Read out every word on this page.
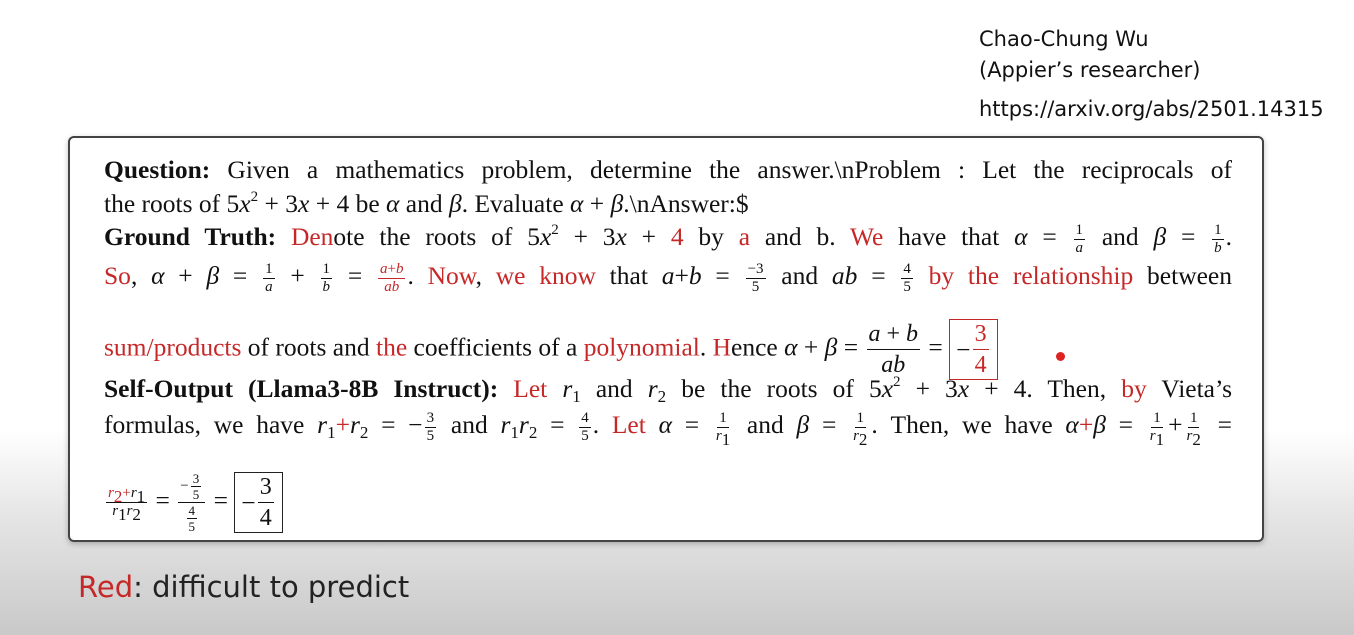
Chao-Chung Wu
(Appier’s researcher)
https://arxiv.org/abs/2501.14315
Question: Given a mathematics problem, determine the answer.\nProblem : Let the reciprocals of
the roots of $5x^2 + 3x + 4$ be α and β. Evaluate α + β.\nAnswer:$
Ground Truth: Denote the roots of $5x^2 + 3x + 4$ by a and b. We have that $\alpha = \frac{1}{a}$ and $\beta = \frac{1}{b}$ .
So, $\alpha + \beta = \frac{1}{a} + \frac{1}{b} = \frac{a+b}{ab}$ . Now, we know that $a+b = \frac{-3}{5}$ and ab = $\frac{4}{5}$ by the relationship between
sum/products of roots and the coefficients of a polynomial. Hence $\alpha + \beta = \frac{a + b}{ab}$ = −
3
4
Self-Output (Llama3-8B Instruct): Let $r_1$ and $r_2$ be the roots of $5x^2 + 3x + 4$. Then, by Vieta’s
formulas, we have $r_1+r_2$ = − $\frac{3}{5}$ and $r_1r_2 = \frac{4}{5}$ . Let $\alpha = \frac{1}{r_1}$ and $\beta = \frac{1}{r_2}$ . Then, we have $\alpha+\beta = \frac{1}{r_1} + \frac{1}{r_2}$ =
$\frac{r_2+r_1}{r_1r_2} = \frac{- \frac{3}{5}}{\frac{4}{5}}$ = −
3
4
Red: difficult to predict
